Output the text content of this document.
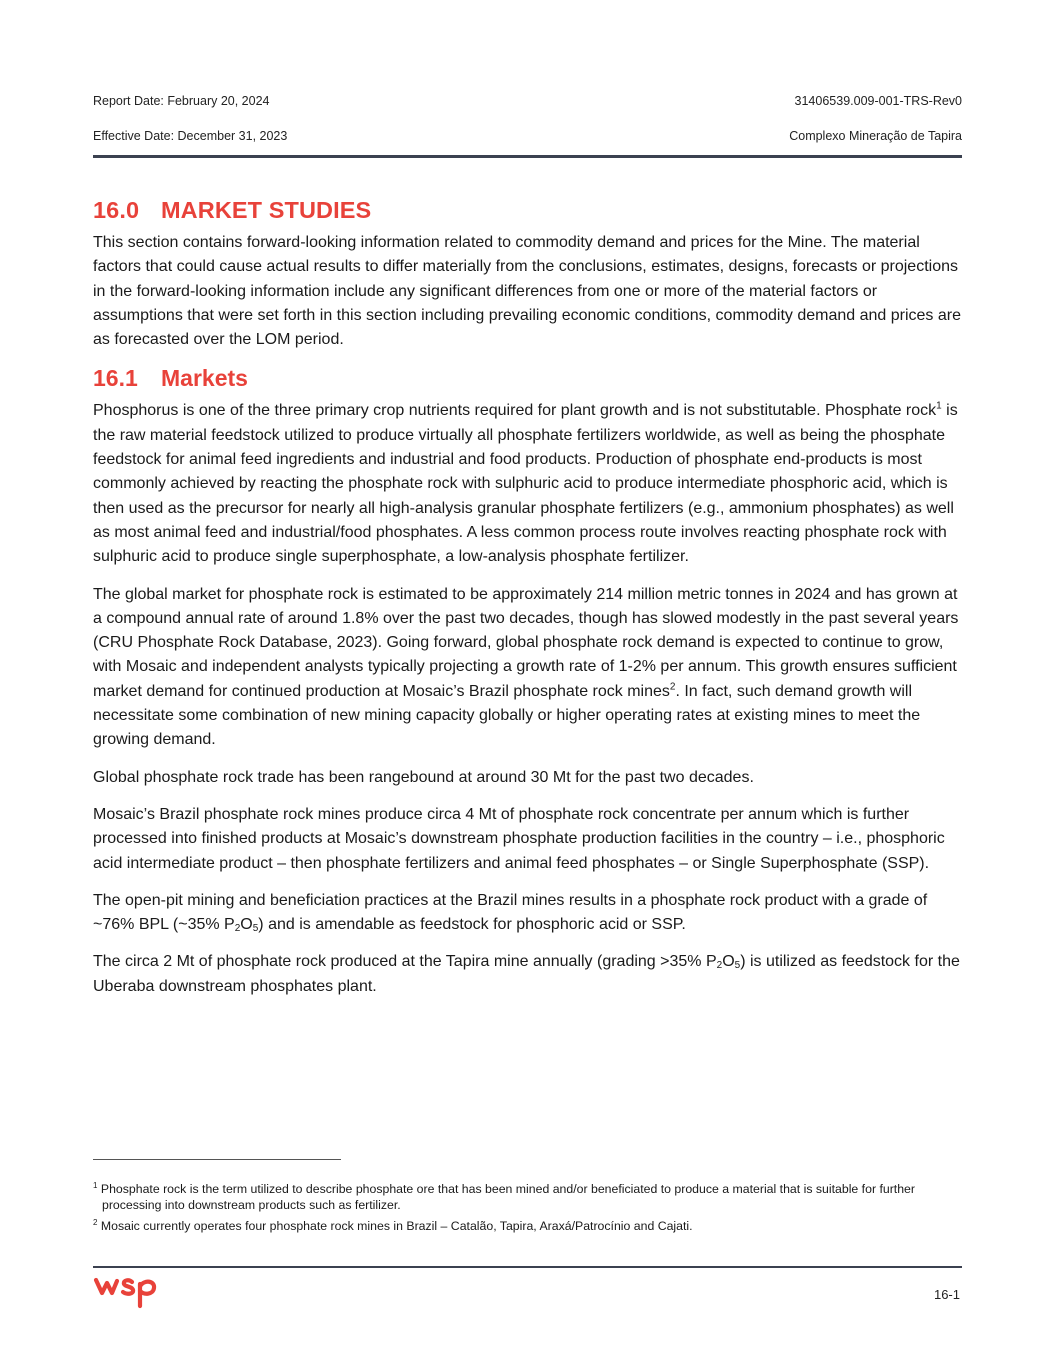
Report Date: February 20, 2024	31406539.009-001-TRS-Rev0
Effective Date: December 31, 2023	Complexo Mineração de Tapira
16.0 MARKET STUDIES

This section contains forward-looking information related to commodity demand and prices for the Mine. The material factors that could cause actual results to differ materially from the conclusions, estimates, designs, forecasts or projections in the forward-looking information include any significant differences from one or more of the material factors or assumptions that were set forth in this section including prevailing economic conditions, commodity demand and prices are as forecasted over the LOM period.

16.1 Markets

Phosphorus is one of the three primary crop nutrients required for plant growth and is not substitutable. Phosphate rock$^1$ is the raw material feedstock utilized to produce virtually all phosphate fertilizers worldwide, as well as being the phosphate feedstock for animal feed ingredients and industrial and food products. Production of phosphate end-products is most commonly achieved by reacting the phosphate rock with sulphuric acid to produce intermediate phosphoric acid, which is then used as the precursor for nearly all high-analysis granular phosphate fertilizers (e.g., ammonium phosphates) as well as most animal feed and industrial/food phosphates. A less common process route involves reacting phosphate rock with sulphuric acid to produce single superphosphate, a low-analysis phosphate fertilizer.

The global market for phosphate rock is estimated to be approximately 214 million metric tonnes in 2024 and has grown at a compound annual rate of around 1.8% over the past two decades, though has slowed modestly in the past several years (CRU Phosphate Rock Database, 2023). Going forward, global phosphate rock demand is expected to continue to grow, with Mosaic and independent analysts typically projecting a growth rate of 1-2% per annum. This growth ensures sufficient market demand for continued production at Mosaic’s Brazil phosphate rock mines$^2$. In fact, such demand growth will necessitate some combination of new mining capacity globally or higher operating rates at existing mines to meet the growing demand.

Global phosphate rock trade has been rangebound at around 30 Mt for the past two decades.

Mosaic’s Brazil phosphate rock mines produce circa 4 Mt of phosphate rock concentrate per annum which is further processed into finished products at Mosaic’s downstream phosphate production facilities in the country – i.e., phosphoric acid intermediate product – then phosphate fertilizers and animal feed phosphates – or Single Superphosphate (SSP).

The open-pit mining and beneficiation practices at the Brazil mines results in a phosphate rock product with a grade of ~76% BPL (~35% $P_2O_5$) and is amendable as feedstock for phosphoric acid or SSP.

The circa 2 Mt of phosphate rock produced at the Tapira mine annually (grading >35% $P_2O_5$) is utilized as feedstock for the Uberaba downstream phosphates plant.

$^1$ Phosphate rock is the term utilized to describe phosphate ore that has been mined and/or beneficiated to produce a material that is suitable for further processing into downstream products such as fertilizer.
$^2$ Mosaic currently operates four phosphate rock mines in Brazil – Catalão, Tapira, Araxá/Patrocínio and Cajati.
16-1
